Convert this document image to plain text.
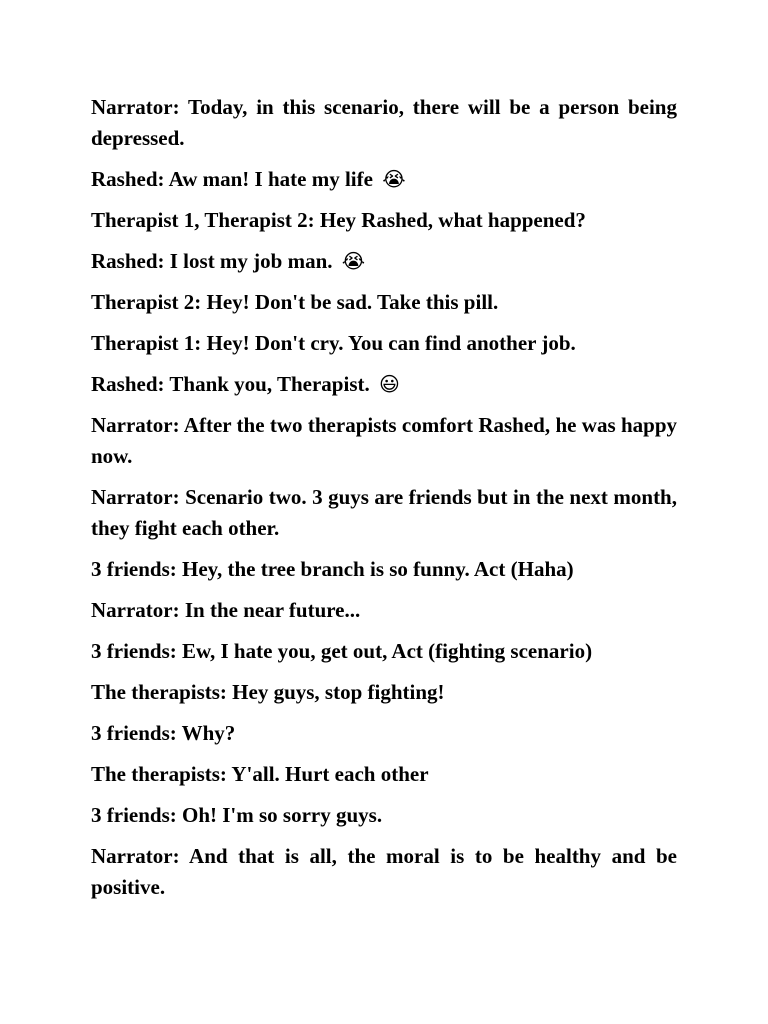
Narrator: Today, in this scenario, there will be a person being depressed.

Rashed: Aw man! I hate my life 😭

Therapist 1, Therapist 2: Hey Rashed, what happened?

Rashed: I lost my job man. 😭

Therapist 2: Hey! Don't be sad. Take this pill.

Therapist 1: Hey! Don't cry. You can find another job.

Rashed: Thank you, Therapist. 😃

Narrator: After the two therapists comfort Rashed, he was happy now.

Narrator: Scenario two. 3 guys are friends but in the next month, they fight each other.

3 friends: Hey, the tree branch is so funny. Act (Haha)

Narrator: In the near future...

3 friends: Ew, I hate you, get out, Act (fighting scenario)

The therapists: Hey guys, stop fighting!

3 friends: Why?

The therapists: Y'all. Hurt each other

3 friends: Oh! I'm so sorry guys.

Narrator: And that is all, the moral is to be healthy and be positive.
